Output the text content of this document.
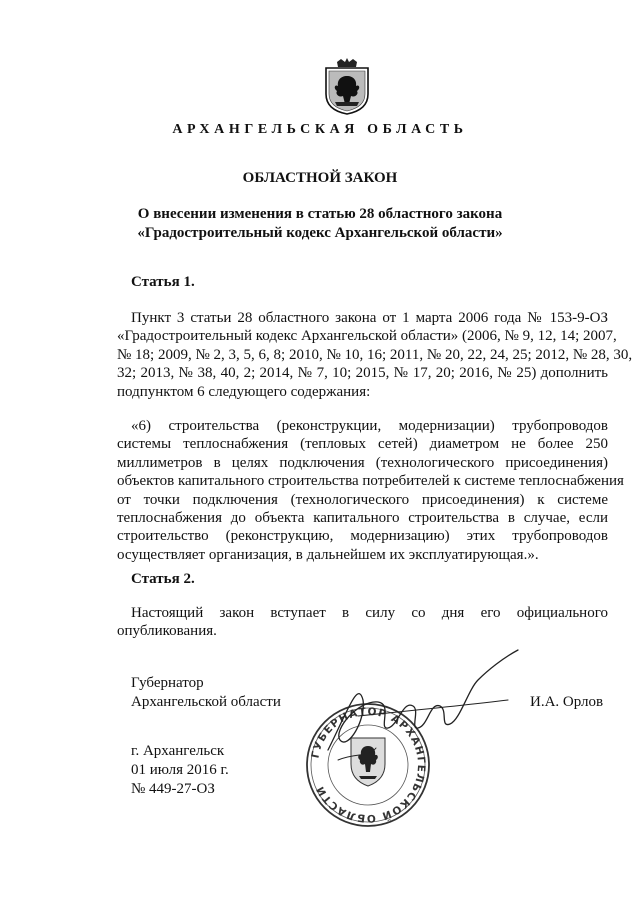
АРХАНГЕЛЬСКАЯ ОБЛАСТЬ
ОБЛАСТНОЙ ЗАКОН
О внесении изменения в статью 28 областного закона
«Градостроительный кодекс Архангельской области»
Статья 1.
Пункт 3 статьи 28 областного закона от 1 марта 2006 года № 153-9-ОЗ
«Градостроительный кодекс Архангельской области» (2006, № 9, 12, 14; 2007,
№ 18; 2009, № 2, 3, 5, 6, 8; 2010, № 10, 16; 2011, № 20, 22, 24, 25; 2012, № 28, 30,
32; 2013, № 38, 40, 2; 2014, № 7, 10; 2015, № 17, 20; 2016, № 25) дополнить
подпунктом 6 следующего содержания:
«6) строительства (реконструкции, модернизации) трубопроводов
системы теплоснабжения (тепловых сетей) диаметром не более 250
миллиметров в целях подключения (технологического присоединения)
объектов капитального строительства потребителей к системе теплоснабжения
от точки подключения (технологического присоединения) к системе
теплоснабжения до объекта капитального строительства в случае, если
строительство (реконструкцию, модернизацию) этих трубопроводов
осуществляет организация, в дальнейшем их эксплуатирующая.».
Статья 2.
Настоящий закон вступает в силу со дня его официального
опубликования.
ГУБЕРНАТОР АРХАНГЕЛЬСКОЙ ОБЛАСТИ
Губернатор
Архангельской области	И.А. Орлов
г. Архангельск
01 июля 2016 г.
№ 449-27-ОЗ
